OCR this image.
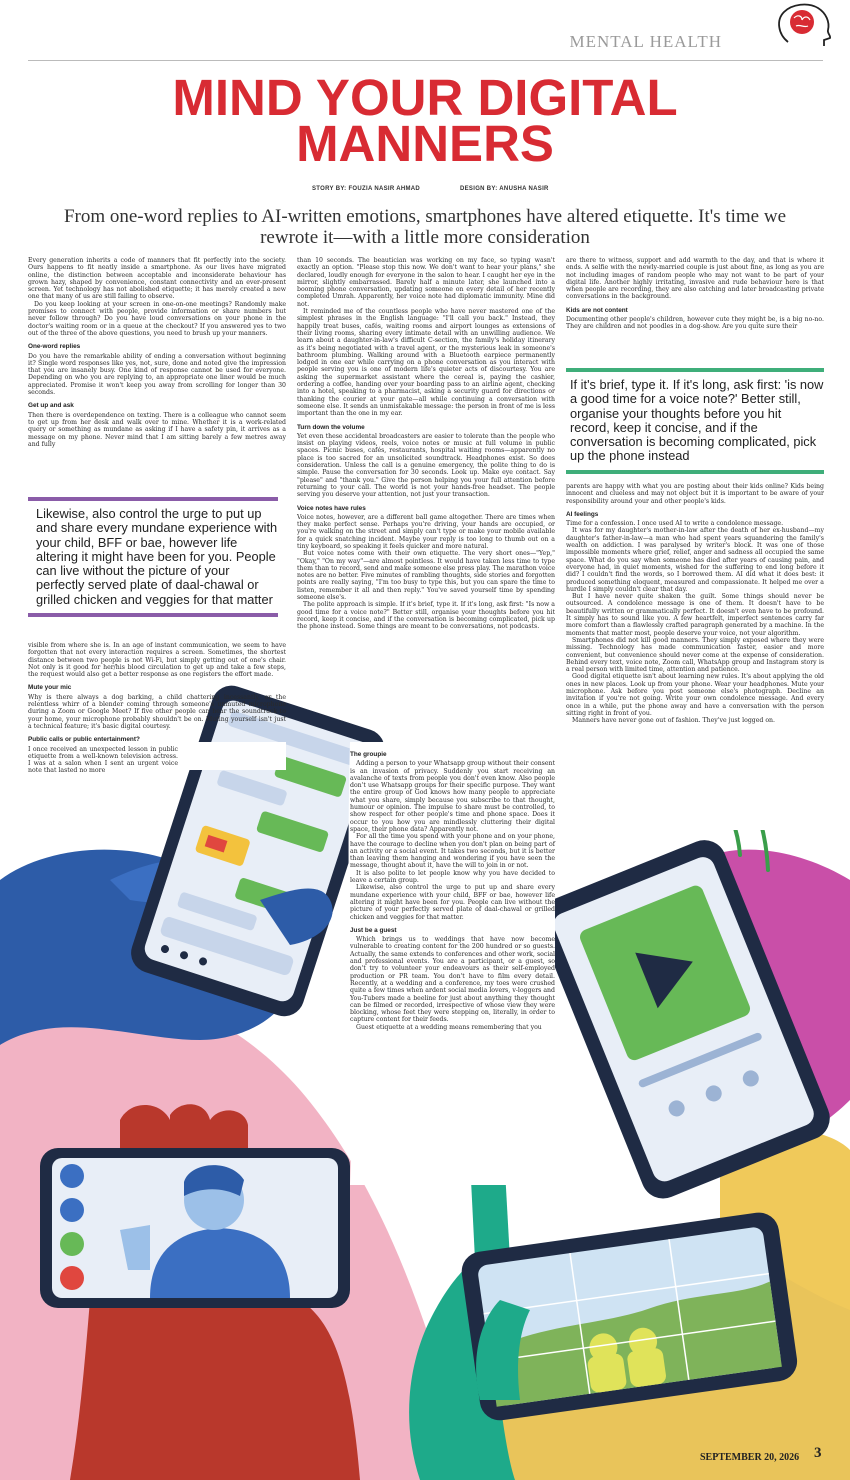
MENTAL HEALTH
MIND YOUR DIGITAL
MANNERS
STORY BY: FOUZIA NASIR AHMAD	DESIGN BY: ANUSHA NASIR
From one-word replies to AI-written emotions, smartphones have altered etiquette. It's time we rewrote it—with a little more consideration

Every generation inherits a code of manners that fit perfectly into the society. Ours happens to fit neatly inside a smartphone. As our lives have migrated online, the distinction between acceptable and inconsiderate behaviour has grown hazy, shaped by convenience, constant connectivity and an ever-present screen. Yet technology has not abolished etiquette; it has merely created a new one that many of us are still failing to observe.

Do you keep looking at your screen in one-on-one meetings? Randomly make promises to connect with people, provide information or share numbers but never follow through? Do you have loud conversations on your phone in the doctor's waiting room or in a queue at the checkout? If you answered yes to two out of the three of the above questions, you need to brush up your manners.

One-word replies

Do you have the remarkable ability of ending a conversation without beginning it? Single word responses like yes, not, sure, done and noted give the impression that you are insanely busy. One kind of response cannot be used for everyone. Depending on who you are replying to, an appropriate one liner would be much appreciated. Promise it won't keep you away from scrolling for longer than 30 seconds.

Get up and ask

Then there is overdependence on texting. There is a colleague who cannot seem to get up from her desk and walk over to mine. Whether it is a work-related query or something as mundane as asking if I have a safety pin, it arrives as a message on my phone. Never mind that I am sitting barely a few metres away and fully

Likewise, also control the urge to put up and share every mundane experience with your child, BFF or bae, however life altering it might have been for you. People can live without the picture of your perfectly served plate of daal-chawal or grilled chicken and veggies for that matter

visible from where she is. In an age of instant communication, we seem to have forgotten that not every interaction requires a screen. Sometimes, the shortest distance between two people is not Wi-Fi, but simply getting out of one's chair. Not only is it good for her/his blood circulation to get up and take a few steps, the request would also get a better response as one registers the effort made.

Mute your mic

Why is there always a dog barking, a child chattering incessantly, or the relentless whirr of a blender coming through someone's unmuted microphone during a Zoom or Google Meet? If five other people can hear the soundtrack to your home, your microphone probably shouldn't be on. Muting yourself isn't just a technical feature; it's basic digital courtesy.

Public calls or public entertainment?

I once received an unexpected lesson in public etiquette from a well-known television actress. I was at a salon when I sent an urgent voice note that lasted no more

than 10 seconds. The beautician was working on my face, so typing wasn't exactly an option. "Please stop this now. We don't want to hear your plans," she declared, loudly enough for everyone in the salon to hear. I caught her eye in the mirror, slightly embarrassed. Barely half a minute later, she launched into a booming phone conversation, updating someone on every detail of her recently completed Umrah. Apparently, her voice note had diplomatic immunity. Mine did not.

It reminded me of the countless people who have never mastered one of the simplest phrases in the English language: "I'll call you back." Instead, they happily treat buses, cafés, waiting rooms and airport lounges as extensions of their living rooms, sharing every intimate detail with an unwilling audience. We learn about a daughter-in-law's difficult C-section, the family's holiday itinerary as it's being negotiated with a travel agent, or the mysterious leak in someone's bathroom plumbing. Walking around with a Bluetooth earpiece permanently lodged in one ear while carrying on a phone conversation as you interact with people serving you is one of modern life's quieter acts of discourtesy. You are asking the supermarket assistant where the cereal is, paying the cashier, ordering a coffee, handing over your boarding pass to an airline agent, checking into a hotel, speaking to a pharmacist, asking a security guard for directions or thanking the courier at your gate—all while continuing a conversation with someone else. It sends an unmistakable message: the person in front of me is less important than the one in my ear.

Turn down the volume

Yet even these accidental broadcasters are easier to tolerate than the people who insist on playing videos, reels, voice notes or music at full volume in public spaces. Picnic buses, cafés, restaurants, hospital waiting rooms—apparently no place is too sacred for an unsolicited soundtrack. Headphones exist. So does consideration. Unless the call is a genuine emergency, the polite thing to do is simple. Pause the conversation for 30 seconds. Look up. Make eye contact. Say "please" and "thank you." Give the person helping you your full attention before returning to your call. The world is not your hands-free headset. The people serving you deserve your attention, not just your transaction.

Voice notes have rules

Voice notes, however, are a different ball game altogether. There are times when they make perfect sense. Perhaps you're driving, your hands are occupied, or you're walking on the street and simply can't type or make your mobile available for a quick snatching incident. Maybe your reply is too long to thumb out on a tiny keyboard, so speaking it feels quicker and more natural.

But voice notes come with their own etiquette. The very short ones—"Yep," "Okay," "On my way"—are almost pointless. It would have taken less time to type them than to record, send and make someone else press play. The marathon voice notes are no better. Five minutes of rambling thoughts, side stories and forgotten points are really saying, "I'm too busy to type this, but you can spare the time to listen, remember it all and then reply." You've saved yourself time by spending someone else's.

The polite approach is simple. If it's brief, type it. If it's long, ask first: "Is now a good time for a voice note?" Better still, organise your thoughts before you hit record, keep it concise, and if the conversation is becoming complicated, pick up the phone instead. Some things are meant to be conversations, not podcasts.

The groupie

Adding a person to your Whatsapp group without their consent is an invasion of privacy. Suddenly you start receiving an avalanche of texts from people you don't even know. Also people don't use Whatsapp groups for their specific purpose. They want the entire group of God knows how many people to appreciate what you share, simply because you subscribe to that thought, humour or opinion. The impulse to share must be controlled, to show respect for other people's time and phone space. Does it occur to you how you are mindlessly cluttering their digital space, their phone data? Apparently not.

For all the time you spend with your phone and on your phone, have the courage to decline when you don't plan on being part of an activity or a social event. It takes two seconds, but it is better than leaving them hanging and wondering if you have seen the message, thought about it, have the will to join in or not.

It is also polite to let people know why you have decided to leave a certain group.

Likewise, also control the urge to put up and share every mundane experience with your child, BFF or bae, however life altering it might have been for you. People can live without the picture of your perfectly served plate of daal-chawal or grilled chicken and veggies for that matter.

Just be a guest

Which brings us to weddings that have now become vulnerable to creating content for the 200 hundred or so guests. Actually, the same extends to conferences and other work, social and professional events. You are a participant, or a guest, so don't try to volunteer your endeavours as their self-employed production or PR team. You don't have to film every detail. Recently, at a wedding and a conference, my toes were crushed quite a few times when ardent social media lovers, v-loggers and You-Tubers made a beeline for just about anything they thought can be filmed or recorded, irrespective of whose view they were blocking, whose feet they were stepping on, literally, in order to capture content for their feeds.

Guest etiquette at a wedding means remembering that you

are there to witness, support and add warmth to the day, and that is where it ends. A selfie with the newly-married couple is just about fine, as long as you are not including images of random people who may not want to be part of your digital life. Another highly irritating, invasive and rude behaviour here is that when people are recording, they are also catching and later broadcasting private conversations in the background.

Kids are not content

Documenting other people's children, however cute they might be, is a big no-no. They are children and not poodles in a dog-show. Are you quite sure their

If it's brief, type it. If it's long, ask first: 'is now a good time for a voice note?' Better still, organise your thoughts before you hit record, keep it concise, and if the conversation is becoming complicated, pick up the phone instead

parents are happy with what you are posting about their kids online? Kids being innocent and clueless and may not object but it is important to be aware of your responsibility around your and other people's kids.

AI feelings

Time for a confession. I once used AI to write a condolence message.

It was for my daughter's mother-in-law after the death of her ex-husband—my daughter's father-in-law—a man who had spent years squandering the family's wealth on addiction. I was paralysed by writer's block. It was one of those impossible moments where grief, relief, anger and sadness all occupied the same space. What do you say when someone has died after years of causing pain, and everyone had, in quiet moments, wished for the suffering to end long before it did? I couldn't find the words, so I borrowed them. AI did what it does best: it produced something eloquent, measured and compassionate. It helped me over a hurdle I simply couldn't clear that day.

But I have never quite shaken the guilt. Some things should never be outsourced. A condolence message is one of them. It doesn't have to be beautifully written or grammatically perfect. It doesn't even have to be profound. It simply has to sound like you. A few heartfelt, imperfect sentences carry far more comfort than a flawlessly crafted paragraph generated by a machine. In the moments that matter most, people deserve your voice, not your algorithm.

Smartphones did not kill good manners. They simply exposed where they were missing. Technology has made communication faster, easier and more convenient, but convenience should never come at the expense of consideration. Behind every text, voice note, Zoom call, WhatsApp group and Instagram story is a real person with limited time, attention and patience.

Good digital etiquette isn't about learning new rules. It's about applying the old ones in new places. Look up from your phone. Wear your headphones. Mute your microphone. Ask before you post someone else's photograph. Decline an invitation if you're not going. Write your own condolence message. And every once in a while, put the phone away and have a conversation with the person sitting right in front of you.

Manners have never gone out of fashion. They've just logged on.

SEPTEMBER 20, 2026 3
